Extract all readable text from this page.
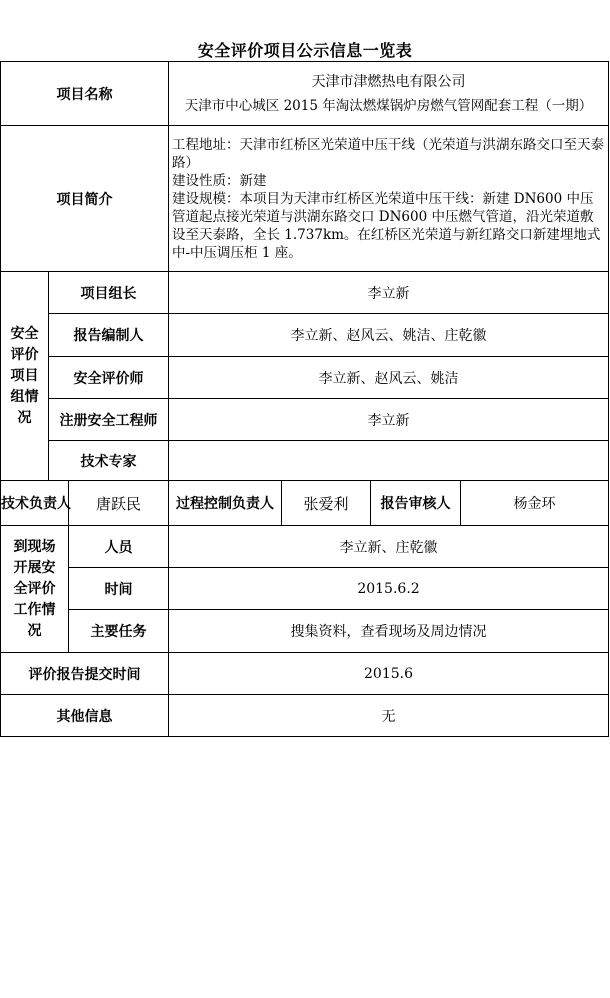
安全评价项目公示信息一览表
项目名称			天津市津燃热电有限公司
天津市中心城区 2015 年淘汰燃煤锅炉房燃气管网配套工程（一期）		

项目简介			工程地址：天津市红桥区光荣道中压干线（光荣道与洪湖东路交口至天泰路）
建设性质：新建
建设规模：本项目为天津市红桥区光荣道中压干线：新建 DN600 中压管道起点接光荣道与洪湖东路交口 DN600 中压燃气管道，沿光荣道敷设至天泰路，全长 1.737km。在红桥区光荣道与新红路交口新建埋地式中-中压调压柜 1 座。		

安全
评价
项目
组情
况	项目组长		李立新		
	报告编制人		李立新、赵风云、姚洁、庄乾徽		
	安全评价师		李立新、赵风云、姚洁		
	注册安全工程师		李立新		
	技术专家				
技术负责人		唐跃民	过程控制负责人 张爱利	报告审核人	杨金环

到现场
开展安
全评价
工作情
况		人员	李立新、庄乾徽		
		时间	2015.6.2		
		主要任务	搜集资料，查看现场及周边情况		
评价报告提交时间			2015.6		
其他信息			无		
